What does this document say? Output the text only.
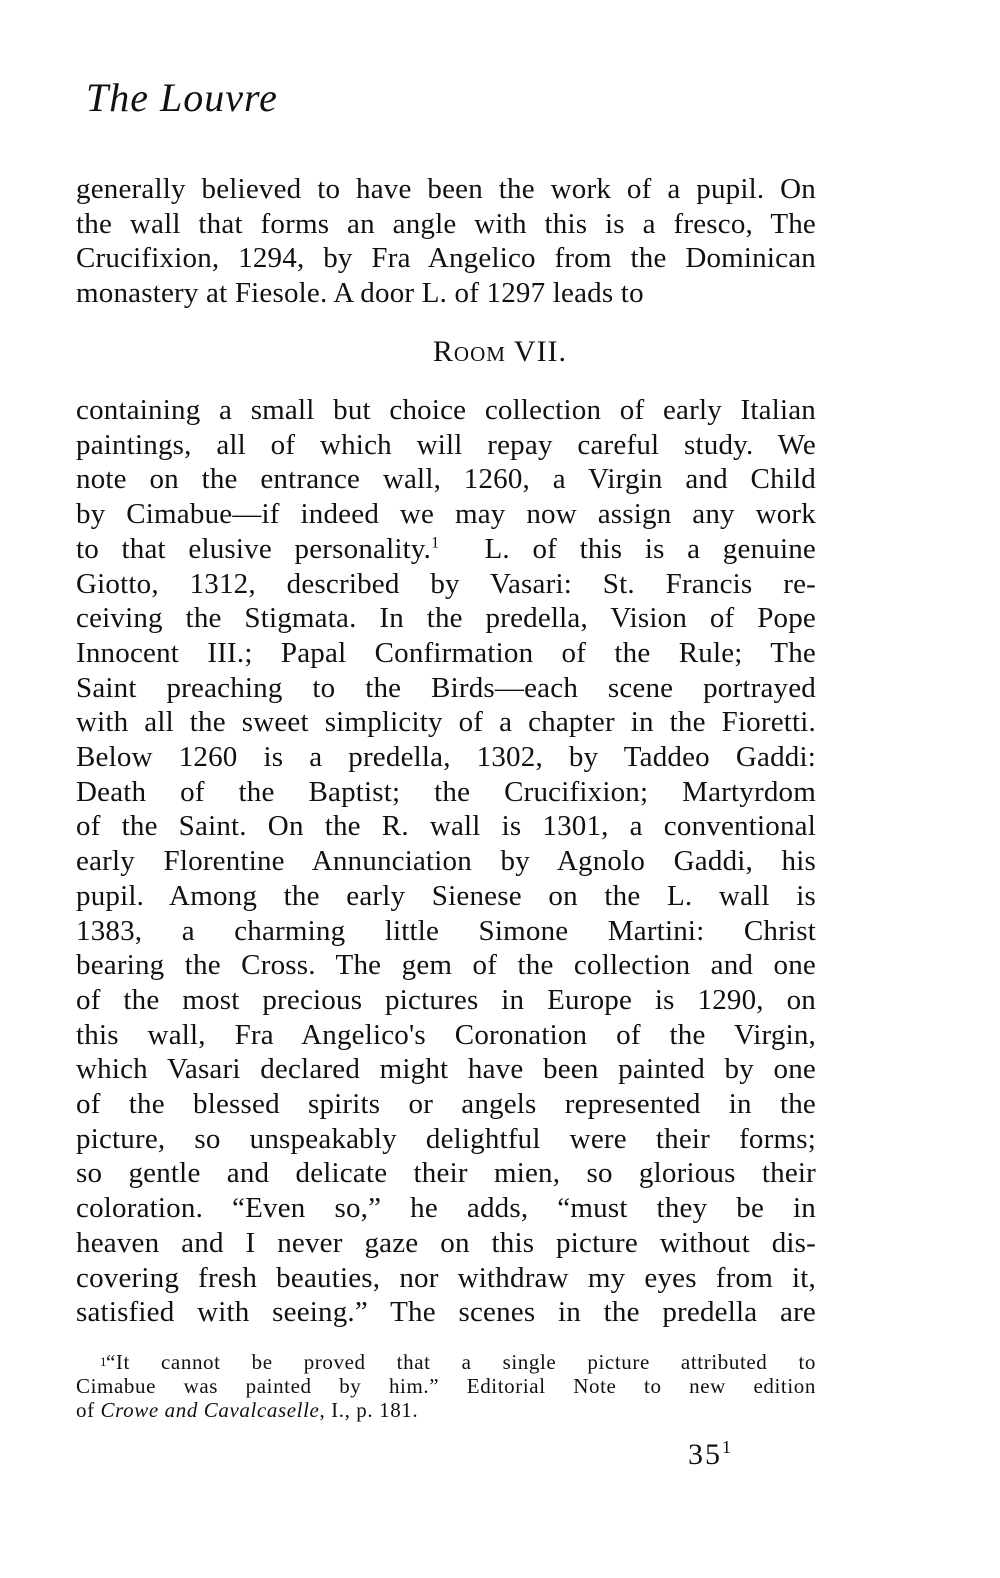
The Louvre
generally believed to have been the work of a pupil. On
the wall that forms an angle with this is a fresco, The
Crucifixion, 1294, by Fra Angelico from the Dominican
monastery at Fiesole. A door L. of 1297 leads to
Room VII.
containing a small but choice collection of early Italian
paintings, all of which will repay careful study. We
note on the entrance wall, 1260, a Virgin and Child
by Cimabue—if indeed we may now assign any work
to that elusive personality.$^1$ L. of this is a genuine
Giotto, 1312, described by Vasari: St. Francis re-
ceiving the Stigmata. In the predella, Vision of Pope
Innocent III.; Papal Confirmation of the Rule; The
Saint preaching to the Birds—each scene portrayed
with all the sweet simplicity of a chapter in the Fioretti.
Below 1260 is a predella, 1302, by Taddeo Gaddi:
Death of the Baptist; the Crucifixion; Martyrdom
of the Saint. On the R. wall is 1301, a conventional
early Florentine Annunciation by Agnolo Gaddi, his
pupil. Among the early Sienese on the L. wall is
1383, a charming little Simone Martini: Christ
bearing the Cross. The gem of the collection and one
of the most precious pictures in Europe is 1290, on
this wall, Fra Angelico's Coronation of the Virgin,
which Vasari declared might have been painted by one
of the blessed spirits or angels represented in the
picture, so unspeakably delightful were their forms;
so gentle and delicate their mien, so glorious their
coloration. “Even so,” he adds, “must they be in
heaven and I never gaze on this picture without dis-
covering fresh beauties, nor withdraw my eyes from it,
satisfied with seeing.” The scenes in the predella are
1
“It cannot be proved that a single picture attributed to
Cimabue was painted by him.” Editorial Note to new edition
of Crowe and Cavalcaselle, I., p. 181.
$35^1$
